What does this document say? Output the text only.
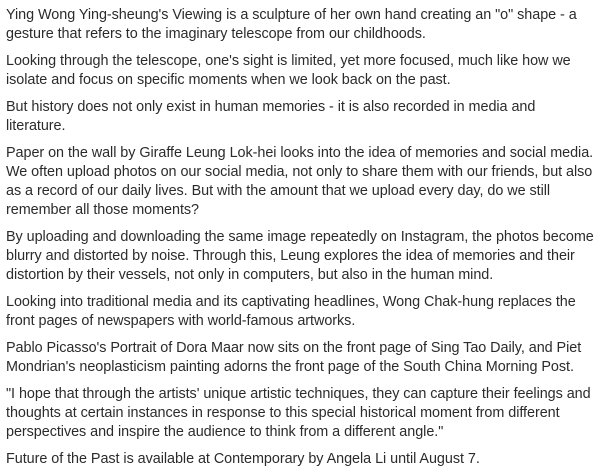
Ying Wong Ying-sheung's Viewing is a sculpture of her own hand creating an "o" shape - a gesture that refers to the imaginary telescope from our childhoods.

Looking through the telescope, one's sight is limited, yet more focused, much like how we isolate and focus on specific moments when we look back on the past.

But history does not only exist in human memories - it is also recorded in media and literature.

Paper on the wall by Giraffe Leung Lok-hei looks into the idea of memories and social media. We often upload photos on our social media, not only to share them with our friends, but also as a record of our daily lives. But with the amount that we upload every day, do we still remember all those moments?

By uploading and downloading the same image repeatedly on Instagram, the photos become blurry and distorted by noise. Through this, Leung explores the idea of memories and their distortion by their vessels, not only in computers, but also in the human mind.

Looking into traditional media and its captivating headlines, Wong Chak-hung replaces the front pages of newspapers with world-famous artworks.

Pablo Picasso's Portrait of Dora Maar now sits on the front page of Sing Tao Daily, and Piet Mondrian's neoplasticism painting adorns the front page of the South China Morning Post.

"I hope that through the artists' unique artistic techniques, they can capture their feelings and thoughts at certain instances in response to this special historical moment from different perspectives and inspire the audience to think from a different angle."

Future of the Past is available at Contemporary by Angela Li until August 7.
